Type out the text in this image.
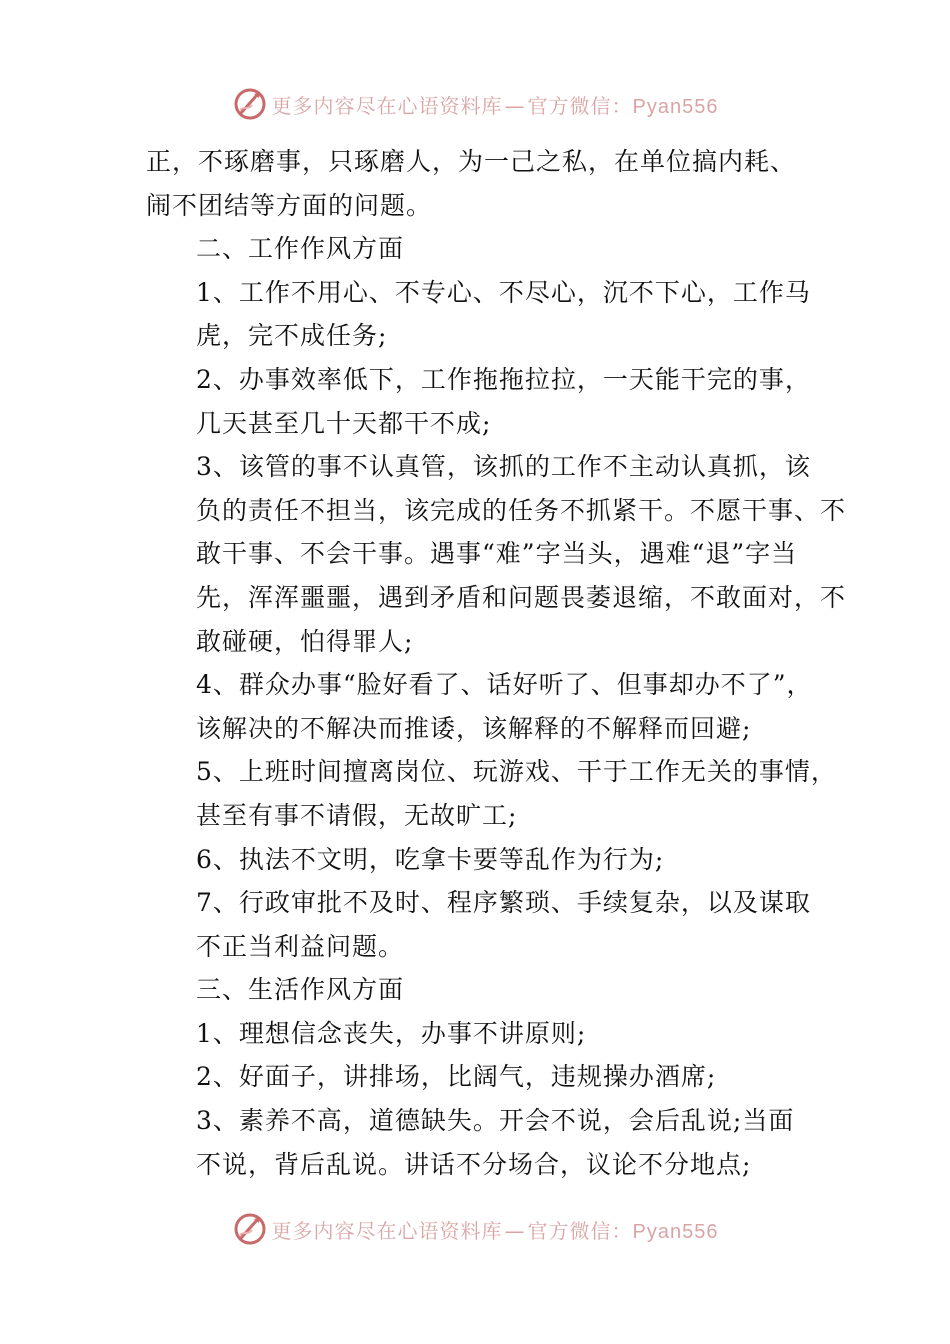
更多内容尽在心语资料库 — 官方微信：Pyan556

正，不琢磨事，只琢磨人，为一己之私，在单位搞内耗、
闹不团结等方面的问题。

二、工作作风方面

1、工作不用心、不专心、不尽心，沉不下心，工作马
虎，完不成任务;

2、办事效率低下，工作拖拖拉拉，一天能干完的事，
几天甚至几十天都干不成;

3、该管的事不认真管，该抓的工作不主动认真抓，该
负的责任不担当，该完成的任务不抓紧干。不愿干事、不
敢干事、不会干事。遇事“难”字当头，遇难“退”字当
先，浑浑噩噩，遇到矛盾和问题畏萎退缩，不敢面对，不
敢碰硬，怕得罪人;

4、群众办事“脸好看了、话好听了、但事却办不了”，
该解决的不解决而推诿，该解释的不解释而回避;

5、上班时间擅离岗位、玩游戏、干于工作无关的事情，
甚至有事不请假，无故旷工;

6、执法不文明，吃拿卡要等乱作为行为;

7、行政审批不及时、程序繁琐、手续复杂，以及谋取
不正当利益问题。

三、生活作风方面

1、理想信念丧失，办事不讲原则;

2、好面子，讲排场，比阔气，违规操办酒席;

3、素养不高，道德缺失。开会不说，会后乱说;当面
不说，背后乱说。讲话不分场合，议论不分地点;

更多内容尽在心语资料库 — 官方微信：Pyan556
